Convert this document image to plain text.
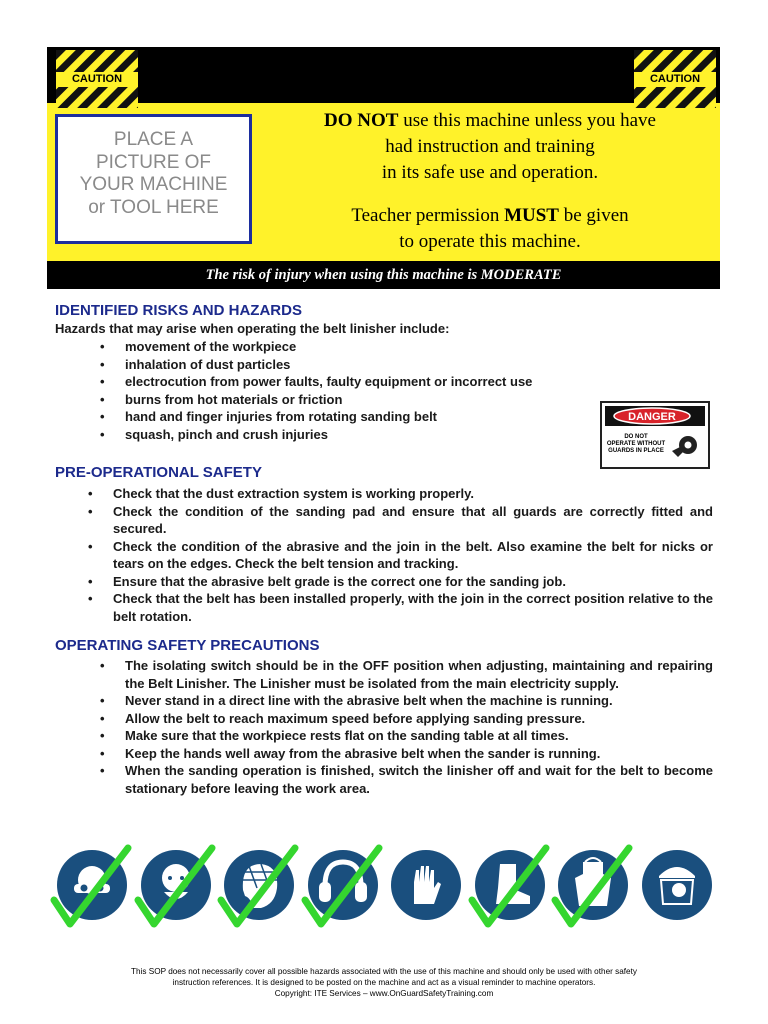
CAUTION	CAUTION
PLACE A
PICTURE OF
YOUR MACHINE
or TOOL HERE
DO NOT use this machine unless you have
had instruction and training
in its safe use and operation.
Teacher permission MUST be given
to operate this machine.
The risk of injury when using this machine is MODERATE
IDENTIFIED RISKS AND HAZARDS
Hazards that may arise when operating the belt linisher include:
• movement of the workpiece
• inhalation of dust particles
• electrocution from power faults, faulty equipment or incorrect use
• burns from hot materials or friction
• hand and finger injuries from rotating sanding belt
• squash, pinch and crush injuries
DANGER
DO NOT
OPERATE WITHOUT
GUARDS IN PLACE
PRE-OPERATIONAL SAFETY
• Check that the dust extraction system is working properly.
• Check the condition of the sanding pad and ensure that all guards are correctly fitted and secured.
• Check the condition of the abrasive and the join in the belt. Also examine the belt for nicks or tears on the edges. Check the belt tension and tracking.
• Ensure that the abrasive belt grade is the correct one for the sanding job.
• Check that the belt has been installed properly, with the join in the correct position relative to the belt rotation.
OPERATING SAFETY PRECAUTIONS
• The isolating switch should be in the OFF position when adjusting, maintaining and repairing the Belt Linisher. The Linisher must be isolated from the main electricity supply.
• Never stand in a direct line with the abrasive belt when the machine is running.
• Allow the belt to reach maximum speed before applying sanding pressure.
• Make sure that the workpiece rests flat on the sanding table at all times.
• Keep the hands well away from the abrasive belt when the sander is running.
• When the sanding operation is finished, switch the linisher off and wait for the belt to become stationary before leaving the work area.
This SOP does not necessarily cover all possible hazards associated with the use of this machine and should only be used with other safety
instruction references. It is designed to be posted on the machine and act as a visual reminder to machine operators.
Copyright: ITE Services – www.OnGuardSafetyTraining.com
